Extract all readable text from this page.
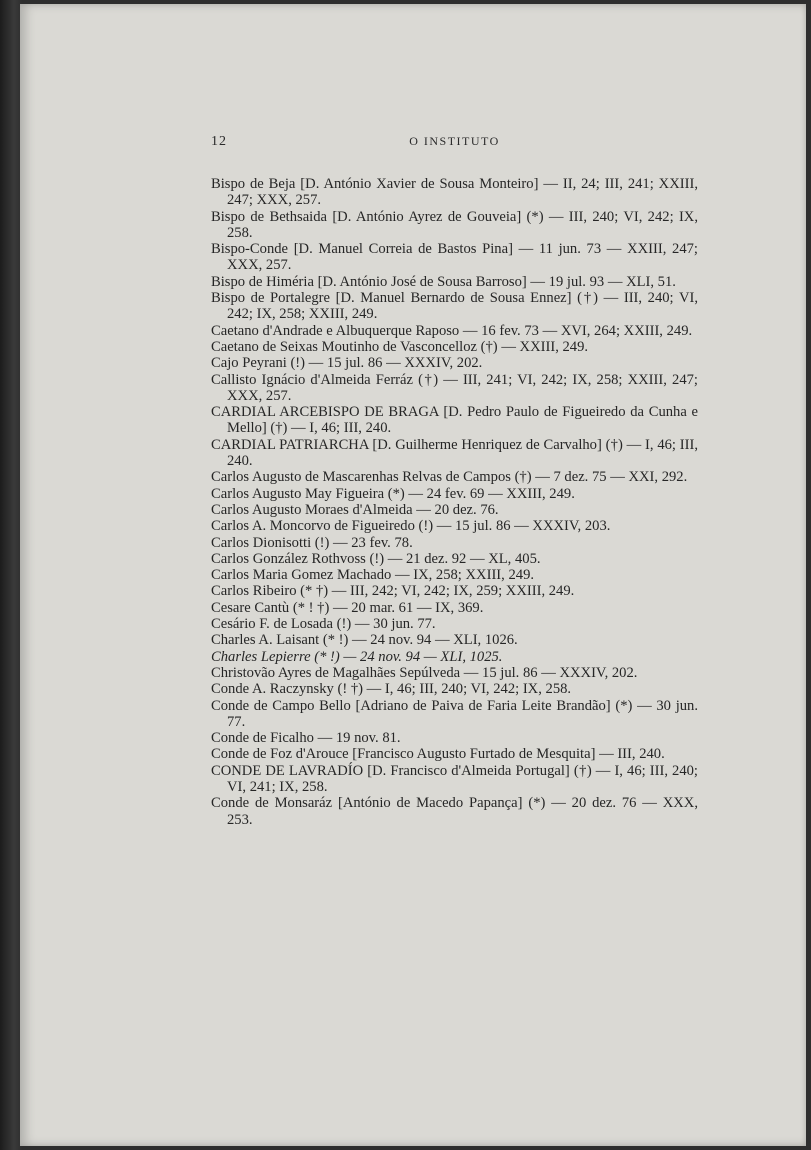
12	O INSTITUTO

Bispo de Beja [D. António Xavier de Sousa Monteiro] — II, 24; III, 241; XXIII, 247; XXX, 257.

Bispo de Bethsaida [D. António Ayrez de Gouveia] (*) — III, 240; VI, 242; IX, 258.

Bispo-Conde [D. Manuel Correia de Bastos Pina] — 11 jun. 73 — XXIII, 247; XXX, 257.

Bispo de Himéria [D. António José de Sousa Barroso] — 19 jul. 93 — XLI, 51.

Bispo de Portalegre [D. Manuel Bernardo de Sousa Ennez] (†) — III, 240; VI, 242; IX, 258; XXIII, 249.

Caetano d'Andrade e Albuquerque Raposo — 16 fev. 73 — XVI, 264; XXIII, 249.

Caetano de Seixas Moutinho de Vasconcelloz (†) — XXIII, 249.

Cajo Peyrani (!) — 15 jul. 86 — XXXIV, 202.

Callisto Ignácio d'Almeida Ferráz (†) — III, 241; VI, 242; IX, 258; XXIII, 247; XXX, 257.

CARDIAL ARCEBISPO DE BRAGA [D. Pedro Paulo de Figueiredo da Cunha e Mello] (†) — I, 46; III, 240.

CARDIAL PATRIARCHA [D. Guilherme Henriquez de Carvalho] (†) — I, 46; III, 240.

Carlos Augusto de Mascarenhas Relvas de Campos (†) — 7 dez. 75 — XXI, 292.

Carlos Augusto May Figueira (*) — 24 fev. 69 — XXIII, 249.

Carlos Augusto Moraes d'Almeida — 20 dez. 76.

Carlos A. Moncorvo de Figueiredo (!) — 15 jul. 86 — XXXIV, 203.

Carlos Dionisotti (!) — 23 fev. 78.

Carlos González Rothvoss (!) — 21 dez. 92 — XL, 405.

Carlos Maria Gomez Machado — IX, 258; XXIII, 249.

Carlos Ribeiro (* †) — III, 242; VI, 242; IX, 259; XXIII, 249.

Cesare Cantù (* ! †) — 20 mar. 61 — IX, 369.

Cesário F. de Losada (!) — 30 jun. 77.

Charles A. Laisant (* !) — 24 nov. 94 — XLI, 1026.

Charles Lepierre (* !) — 24 nov. 94 — XLI, 1025.

Christovão Ayres de Magalhães Sepúlveda — 15 jul. 86 — XXXIV, 202.

Conde A. Raczynsky (! †) — I, 46; III, 240; VI, 242; IX, 258.

Conde de Campo Bello [Adriano de Paiva de Faria Leite Brandão] (*) — 30 jun. 77.

Conde de Ficalho — 19 nov. 81.

Conde de Foz d'Arouce [Francisco Augusto Furtado de Mesquita] — III, 240.

CONDE DE LAVRADÍO [D. Francisco d'Almeida Portugal] (†) — I, 46; III, 240; VI, 241; IX, 258.

Conde de Monsaráz [António de Macedo Papança] (*) — 20 dez. 76 — XXX, 253.
